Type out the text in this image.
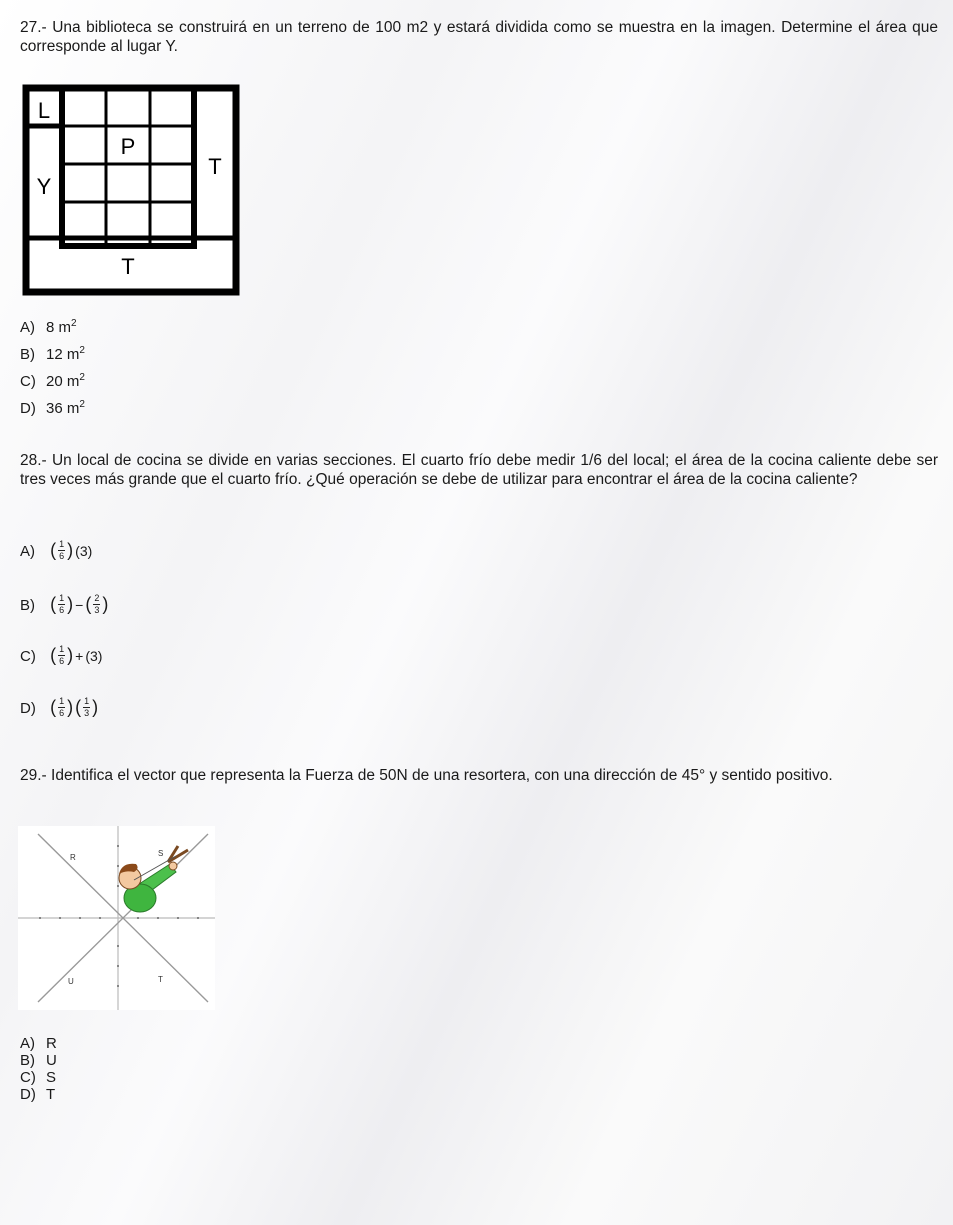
27.- Una biblioteca se construirá en un terreno de 100 m2 y estará dividida como se muestra en la imagen. Determine el área que corresponde al lugar Y.
L
P
Y
T
T
A) 8 $m^2$
B) 12 $m^2$
C) 20 $m^2$
D) 36 $m^2$
28.- Un local de cocina se divide en varias secciones. El cuarto frío debe medir 1/6 del local; el área de la cocina caliente debe ser tres veces más grande que el cuarto frío. ¿Qué operación se debe de utilizar para encontrar el área de la cocina caliente?
A) ( $\frac{1}{6}$ ) (3)
B) ( $\frac{1}{6}$ ) − ( $\frac{2}{3}$ )
C) ( $\frac{1}{6}$ ) + (3)
D) ( $\frac{1}{6}$ ) ( $\frac{1}{3}$ )
29.- Identifica el vector que representa la Fuerza de 50N de una resortera, con una dirección de 45° y sentido positivo.
R	S
U	T
A) R
B) U
C) S
D) T
